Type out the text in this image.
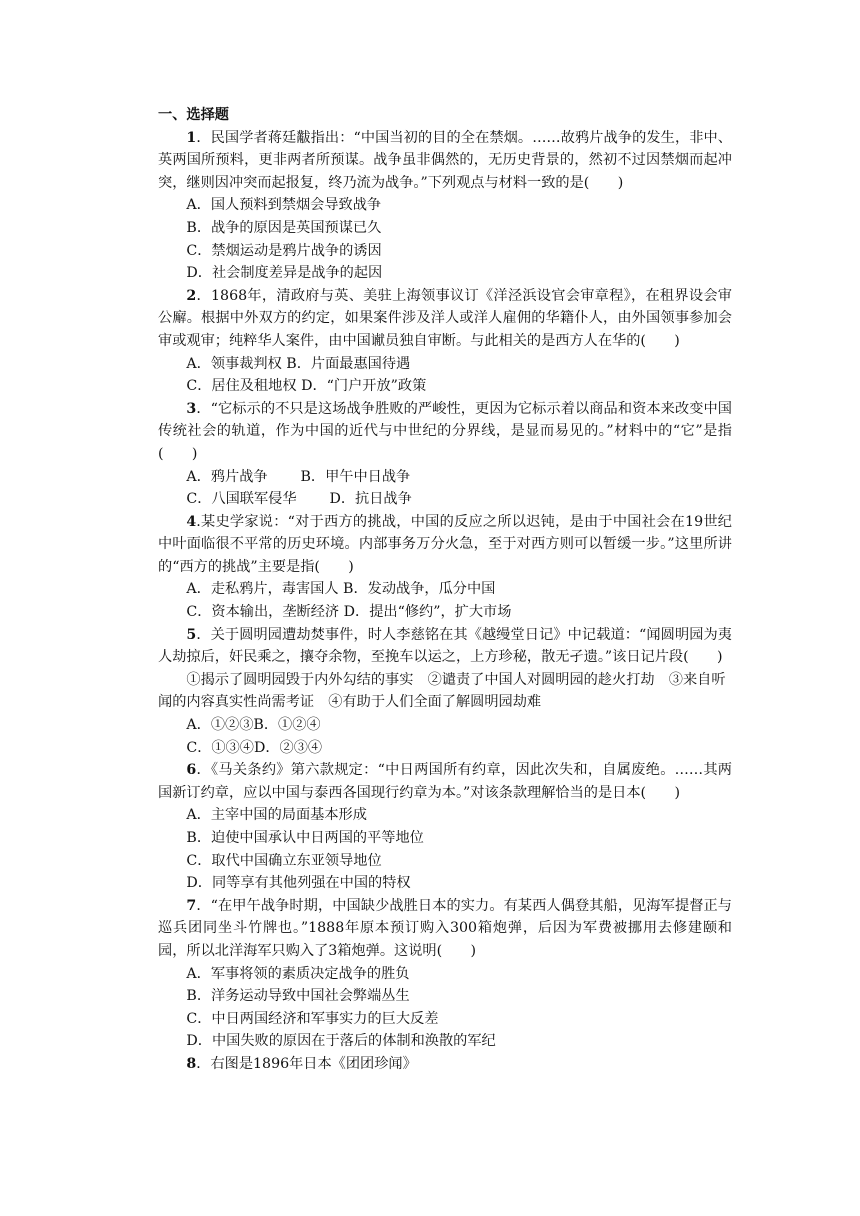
一、选择题

1．民国学者蒋廷黻指出：“中国当初的目的全在禁烟。……故鸦片战争的发生，非中、英两国所预料，更非两者所预谋。战争虽非偶然的，无历史背景的，然初不过因禁烟而起冲突，继则因冲突而起报复，终乃流为战争。”下列观点与材料一致的是(　　)

A．国人预料到禁烟会导致战争

B．战争的原因是英国预谋已久

C．禁烟运动是鸦片战争的诱因

D．社会制度差异是战争的起因

2．1868年，清政府与英、美驻上海领事议订《洋泾浜设官会审章程》，在租界设会审公廨。根据中外双方的约定，如果案件涉及洋人或洋人雇佣的华籍仆人，由外国领事参加会审或观审；纯粹华人案件，由中国谳员独自审断。与此相关的是西方人在华的(　　)

A．领事裁判权 B．片面最惠国待遇

C．居住及租地权 D．“门户开放”政策

3．“它标示的不只是这场战争胜败的严峻性，更因为它标示着以商品和资本来改变中国传统社会的轨道，作为中国的近代与中世纪的分界线，是显而易见的。”材料中的“它”是指(　　)

A．鸦片战争　　 B．甲午中日战争

C．八国联军侵华　　 D．抗日战争

4.某史学家说：“对于西方的挑战，中国的反应之所以迟钝，是由于中国社会在19世纪中叶面临很不平常的历史环境。内部事务万分火急，至于对西方则可以暂缓一步。”这里所讲的“西方的挑战”主要是指(　　)

A．走私鸦片，毒害国人 B．发动战争，瓜分中国

C．资本输出，垄断经济 D．提出“修约”，扩大市场

5．关于圆明园遭劫焚事件，时人李慈铭在其《越缦堂日记》中记载道：“闻圆明园为夷人劫掠后，奸民乘之，攘夺余物，至挽车以运之，上方珍秘，散无孑遗。”该日记片段(　　)

①揭示了圆明园毁于内外勾结的事实　②谴责了中国人对圆明园的趁火打劫　③来自听闻的内容真实性尚需考证　④有助于人们全面了解圆明园劫难

A．①②③B．①②④

C．①③④D．②③④

6．《马关条约》第六款规定：“中日两国所有约章，因此次失和，自属废绝。……其两国新订约章，应以中国与泰西各国现行约章为本。”对该条款理解恰当的是日本(　　)

A．主宰中国的局面基本形成

B．迫使中国承认中日两国的平等地位

C．取代中国确立东亚领导地位

D．同等享有其他列强在中国的特权

7．“在甲午战争时期，中国缺少战胜日本的实力。有某西人偶登其船，见海军提督正与巡兵团同坐斗竹牌也。”1888年原本预订购入300箱炮弹，后因为军费被挪用去修建颐和园，所以北洋海军只购入了3箱炮弹。这说明(　　)

A．军事将领的素质决定战争的胜负

B．洋务运动导致中国社会弊端丛生

C．中日两国经济和军事实力的巨大反差

D．中国失败的原因在于落后的体制和涣散的军纪

8．右图是1896年日本《团团珍闻》
